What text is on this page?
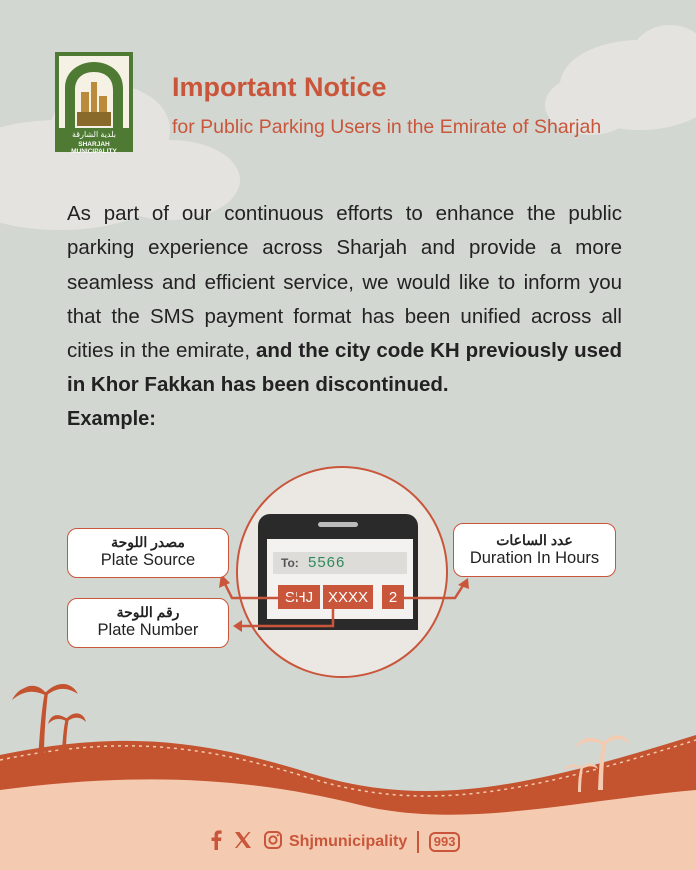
بلدية الشارقة
SHARJAH MUNICIPALITY
Important Notice
for Public Parking Users in the Emirate of Sharjah
As part of our continuous efforts to enhance the public parking experience across Sharjah and provide a more seamless and efficient service, we would like to inform you that the SMS payment format has been unified across all cities in the emirate, and the city code KH previously used in Khor Fakkan has been discontinued.
Example:
To: 5566
SHJ XXXX	2
مصدر اللوحة
Plate Source
رقم اللوحة
Plate Number
عدد الساعات
Duration In Hours
Shjmunicipality	993
